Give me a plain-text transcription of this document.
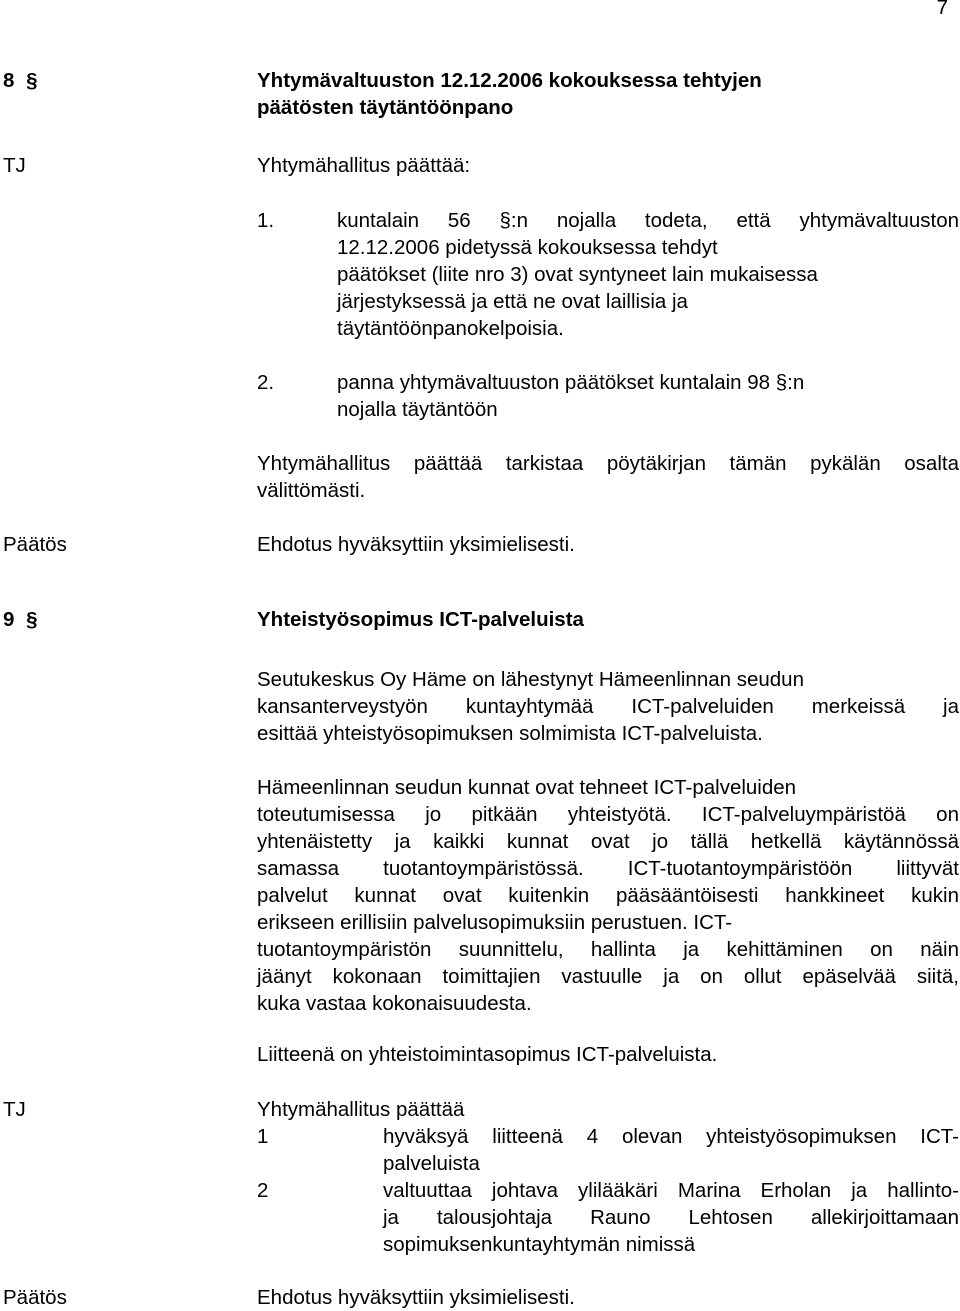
7
8 §	Yhtymävaltuuston 12.12.2006 kokouksessa tehtyjen
päätösten täytäntöönpano
TJ	Yhtymähallitus päättää:
1.	kuntalain 56 §:n nojalla todeta, että yhtymävaltuuston
12.12.2006 pidetyssä kokouksessa tehdyt
päätökset (liite nro 3) ovat syntyneet lain mukaisessa
järjestyksessä ja että ne ovat laillisia ja
täytäntöönpanokelpoisia.
2.	panna yhtymävaltuuston päätökset kuntalain 98 §:n
nojalla täytäntöön
Yhtymähallitus päättää tarkistaa pöytäkirjan tämän pykälän osalta
välittömästi.
Päätös	Ehdotus hyväksyttiin yksimielisesti.
9 §	Yhteistyösopimus ICT-palveluista
Seutukeskus Oy Häme on lähestynyt Hämeenlinnan seudun
kansanterveystyön kuntayhtymää ICT-palveluiden merkeissä ja
esittää yhteistyösopimuksen solmimista ICT-palveluista.
Hämeenlinnan seudun kunnat ovat tehneet ICT-palveluiden
toteutumisessa jo pitkään yhteistyötä. ICT-palveluympäristöä on
yhtenäistetty ja kaikki kunnat ovat jo tällä hetkellä käytännössä
samassa tuotantoympäristössä. ICT-tuotantoympäristöön liittyvät
palvelut kunnat ovat kuitenkin pääsääntöisesti hankkineet kukin
erikseen erillisiin palvelusopimuksiin perustuen. ICT-
tuotantoympäristön suunnittelu, hallinta ja kehittäminen on näin
jäänyt kokonaan toimittajien vastuulle ja on ollut epäselvää siitä,
kuka vastaa kokonaisuudesta.
Liitteenä on yhteistoimintasopimus ICT-palveluista.
TJ	Yhtymähallitus päättää
1	hyväksyä liitteenä 4 olevan yhteistyösopimuksen ICT-
palveluista
2	valtuuttaa johtava ylilääkäri Marina Erholan ja hallinto-
ja talousjohtaja Rauno Lehtosen allekirjoittamaan
sopimuksenkuntayhtymän nimissä
Päätös	Ehdotus hyväksyttiin yksimielisesti.
